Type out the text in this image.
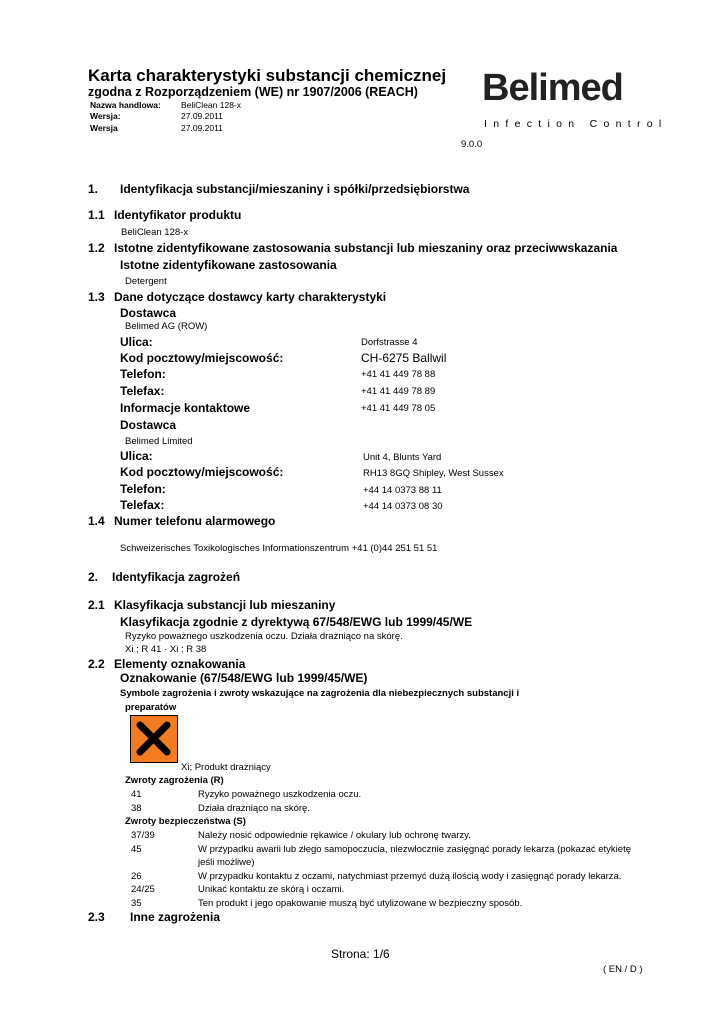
Karta charakterystyki substancji chemicznej
zgodna z Rozporządzeniem (WE) nr 1907/2006 (REACH)
Nazwa handlowa: BeliClean 128-x
Wersja:	27.09.2011
Wersja	27.09.2011
Belimed
Infection Control
9.0.0
1. Identyfikacja substancji/mieszaniny i spółki/przedsiębiorstwa
1.1 Identyfikator produktu
BeliClean 128-x
1.2 Istotne zidentyfikowane zastosowania substancji lub mieszaniny oraz przeciwwskazania
Istotne zidentyfikowane zastosowania
Detergent
1.3 Dane dotyczące dostawcy karty charakterystyki
Dostawca
Belimed AG (ROW)
Ulica:	Dorfstrasse 4
Kod pocztowy/miejscowość:	CH-6275 Ballwil
Telefon:	+41 41 449 78 88
Telefax:	+41 41 449 78 89
Informacje kontaktowe	+41 41 449 78 05
Dostawca
Belimed Limited
Ulica:	Unit 4, Blunts Yard
Kod pocztowy/miejscowość:	RH13 8GQ Shipley, West Sussex
Telefon:	+44 14 0373 88 11
Telefax:	+44 14 0373 08 30
1.4 Numer telefonu alarmowego
Schweizerisches Toxikologisches Informationszentrum +41 (0)44 251 51 51
2. Identyfikacja zagrożeń
2.1 Klasyfikacja substancji lub mieszaniny
Klasyfikacja zgodnie z dyrektywą 67/548/EWG lub 1999/45/WE
Ryzyko poważnego uszkodzenia oczu. Działa drażniąco na skórę.
Xi ; R 41 · Xi ; R 38
2.2 Elementy oznakowania
Oznakowanie (67/548/EWG lub 1999/45/WE)
Symbole zagrożenia i zwroty wskazujące na zagrożenia dla niebezpiecznych substancji i
preparatów
Xi; Produkt drażniący
Zwroty zagrożenia (R)
41	Ryzyko poważnego uszkodzenia oczu.
38	Działa drażniąco na skórę.
Zwroty bezpieczeństwa (S)
37/39	Należy nosić odpowiednie rękawice / okulary lub ochronę twarzy.
45	W przypadku awarii lub złego samopoczucia, niezwłocznie zasięgnąć porady lekarza (pokazać etykietę
jeśli możliwe)
26	W przypadku kontaktu z oczami, natychmiast przemyć dużą ilością wody i zasięgnąć porady lekarza.
24/25	Unikać kontaktu ze skórą i oczami.
35	Ten produkt i jego opakowanie muszą być utylizowane w bezpieczny sposób.
2.3 Inne zagrożenia
Strona: 1/6
( EN / D )
